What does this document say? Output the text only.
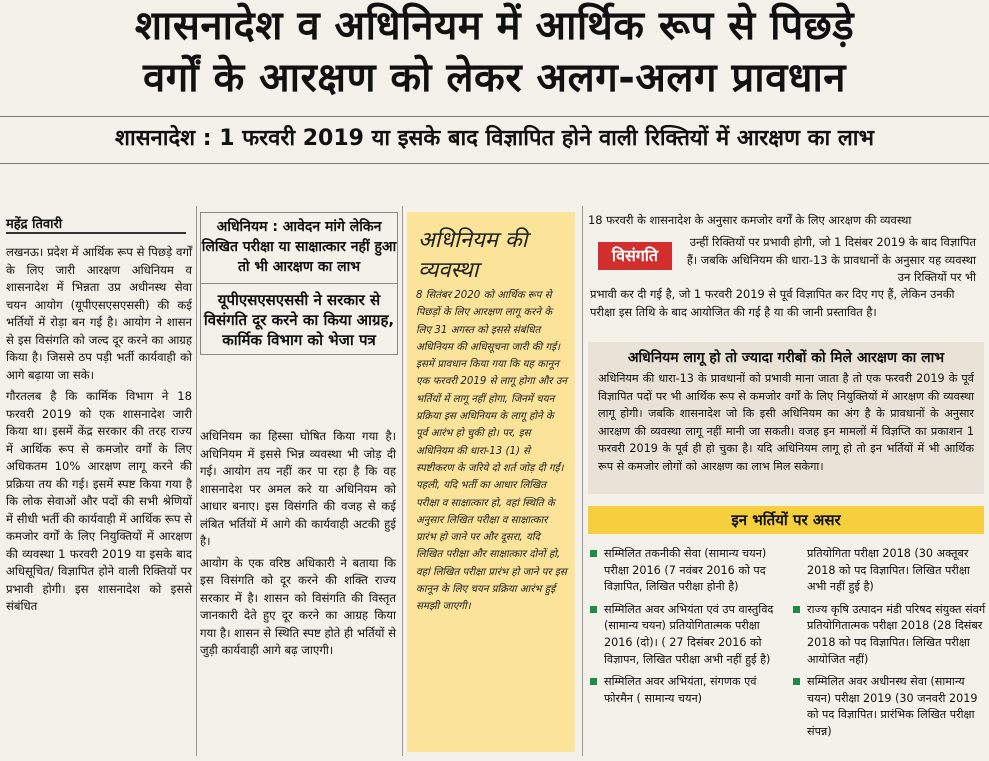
शासनादेश व अधिनियम में आर्थिक रूप से पिछड़े
वर्गों के आरक्षण को लेकर अलग-अलग प्रावधान
शासनादेश : 1 फरवरी 2019 या इसके बाद विज्ञापित होने वाली रिक्तियों में आरक्षण का लाभ
महेंद्र तिवारी

लखनऊ। प्रदेश में आर्थिक रूप से पिछड़े वर्गों के लिए जारी आरक्षण अधिनियम व शासनादेश में भिन्नता उप्र अधीनस्थ सेवा चयन आयोग (यूपीएसएसएससी) की कई भर्तियों में रोड़ा बन गई है। आयोग ने शासन से इस विसंगति को जल्द दूर करने का आग्रह किया है। जिससे ठप पड़ी भर्ती कार्यवाही को आगे बढ़ाया जा सके।

गौरतलब है कि कार्मिक विभाग ने 18 फरवरी 2019 को एक शासनादेश जारी किया था। इसमें केंद्र सरकार की तरह राज्य में आर्थिक रूप से कमजोर वर्गों के लिए अधिकतम 10% आरक्षण लागू करने की प्रक्रिया तय की गई। इसमें स्पष्ट किया गया है कि लोक सेवाओं और पदों की सभी श्रेणियों में सीधी भर्ती की कार्यवाही में आर्थिक रूप से कमजोर वर्गों के लिए नियुक्तियों में आरक्षण की व्यवस्था 1 फरवरी 2019 या इसके बाद अधिसूचित/ विज्ञापित होने वाली रिक्तियों पर प्रभावी होगी। इस शासनादेश को इससे संबंधित

अधिनियम : आवेदन मांगे लेकिन लिखित परीक्षा या साक्षात्कार नहीं हुआ तो भी आरक्षण का लाभ
यूपीएसएसएससी ने सरकार से विसंगति दूर करने का किया आग्रह, कार्मिक विभाग को भेजा पत्र

अधिनियम का हिस्सा घोषित किया गया है। अधिनियम में इससे भिन्न व्यवस्था भी जोड़ दी गई। आयोग तय नहीं कर पा रहा है कि वह शासनादेश पर अमल करे या अधिनियम को आधार बनाए। इस विसंगति की वजह से कई लंबित भर्तियों में आगे की कार्यवाही अटकी हुई है।

आयोग के एक वरिष्ठ अधिकारी ने बताया कि इस विसंगति को दूर करने की शक्ति राज्य सरकार में है। शासन को विसंगति की विस्तृत जानकारी देते हुए दूर करने का आग्रह किया गया है। शासन से स्थिति स्पष्ट होते ही भर्तियों से जुड़ी कार्यवाही आगे बढ़ जाएगी।

अधिनियम की व्यवस्था

8 सितंबर 2020 को आर्थिक रूप से पिछड़ों के लिए आरक्षण लागू करने के लिए 31 अगस्त को इससे संबंधित अधिनियम की अधिसूचना जारी की गई। इसमें प्रावधान किया गया कि यह कानून एक फरवरी 2019 से लागू होगा और उन भर्तियों में लागू नहीं होगा, जिनमें चयन प्रक्रिया इस अधिनियम के लागू होने के पूर्व आरंभ हो चुकी हो। पर, इस अधिनियम की धारा-13 (1) से स्पष्टीकरण के जरिये दो शर्त जोड़ दी गईं। पहली, यदि भर्ती का आधार लिखित परीक्षा व साक्षात्कार हो, वहां स्थिति के अनुसार लिखित परीक्षा व साक्षात्कार प्रारंभ हो जाने पर और दूसरा, यदि लिखित परीक्षा और साक्षात्कार दोनों हो, वहां लिखित परीक्षा प्रारंभ हो जाने पर इस कानून के लिए चयन प्रक्रिया आरंभ हुई समझी जाएगी।

18 फरवरी के शासनादेश के अनुसार कमजोर वर्गों के लिए आरक्षण की व्यवस्था
विसंगति
उन्हीं रिक्तियों पर प्रभावी होगी, जो 1 दिसंबर 2019 के बाद विज्ञापित हैं। जबकि अधिनियम की धारा-13 के प्रावधानों के अनुसार यह व्यवस्था उन रिक्तियों पर भी
प्रभावी कर दी गई है, जो 1 फरवरी 2019 से पूर्व विज्ञापित कर दिए गए हैं, लेकिन उनकी परीक्षा इस तिथि के बाद आयोजित की गई है या की जानी प्रस्तावित है।
अधिनियम लागू हो तो ज्यादा गरीबों को मिले आरक्षण का लाभ
अधिनियम की धारा-13 के प्रावधानों को प्रभावी माना जाता है तो एक फरवरी 2019 के पूर्व विज्ञापित पदों पर भी आर्थिक रूप से कमजोर वर्गों के लिए नियुक्तियों में आरक्षण की व्यवस्था लागू होगी। जबकि शासनादेश जो कि इसी अधिनियम का अंग है के प्रावधानों के अनुसार आरक्षण की व्यवस्था लागू नहीं मानी जा सकती। वजह इन मामलों में विज्ञप्ति का प्रकाशन 1 फरवरी 2019 के पूर्व ही हो चुका है। यदि अधिनियम लागू हो तो इन भर्तियों में भी आर्थिक रूप से कमजोर लोगों को आरक्षण का लाभ मिल सकेगा।
इन भर्तियों पर असर
सम्मिलित तकनीकी सेवा (सामान्य चयन) परीक्षा 2016 (7 नवंबर 2016 को पद विज्ञापित, लिखित परीक्षा होनी है)
सम्मिलित अवर अभियंता एवं उप वास्तुविद (सामान्य चयन) प्रतियोगितात्मक परीक्षा 2016 (दो)। ( 27 दिसंबर 2016 को विज्ञापन, लिखित परीक्षा अभी नहीं हुई है)
सम्मिलित अवर अभियंता, संगणक एवं फोरमैन ( सामान्य चयन)
प्रतियोगिता परीक्षा 2018 (30 अक्तूबर 2018 को पद विज्ञापित। लिखित परीक्षा अभी नहीं हुई है)
राज्य कृषि उत्पादन मंडी परिषद संयुक्त संवर्ग प्रतियोगितात्मक परीक्षा 2018 (28 दिसंबर 2018 को पद विज्ञापित। लिखित परीक्षा आयोजित नहीं)
सम्मिलित अवर अधीनस्थ सेवा (सामान्य चयन) परीक्षा 2019 (30 जनवरी 2019 को पद विज्ञापित। प्रारंभिक लिखित परीक्षा संपन्न)
